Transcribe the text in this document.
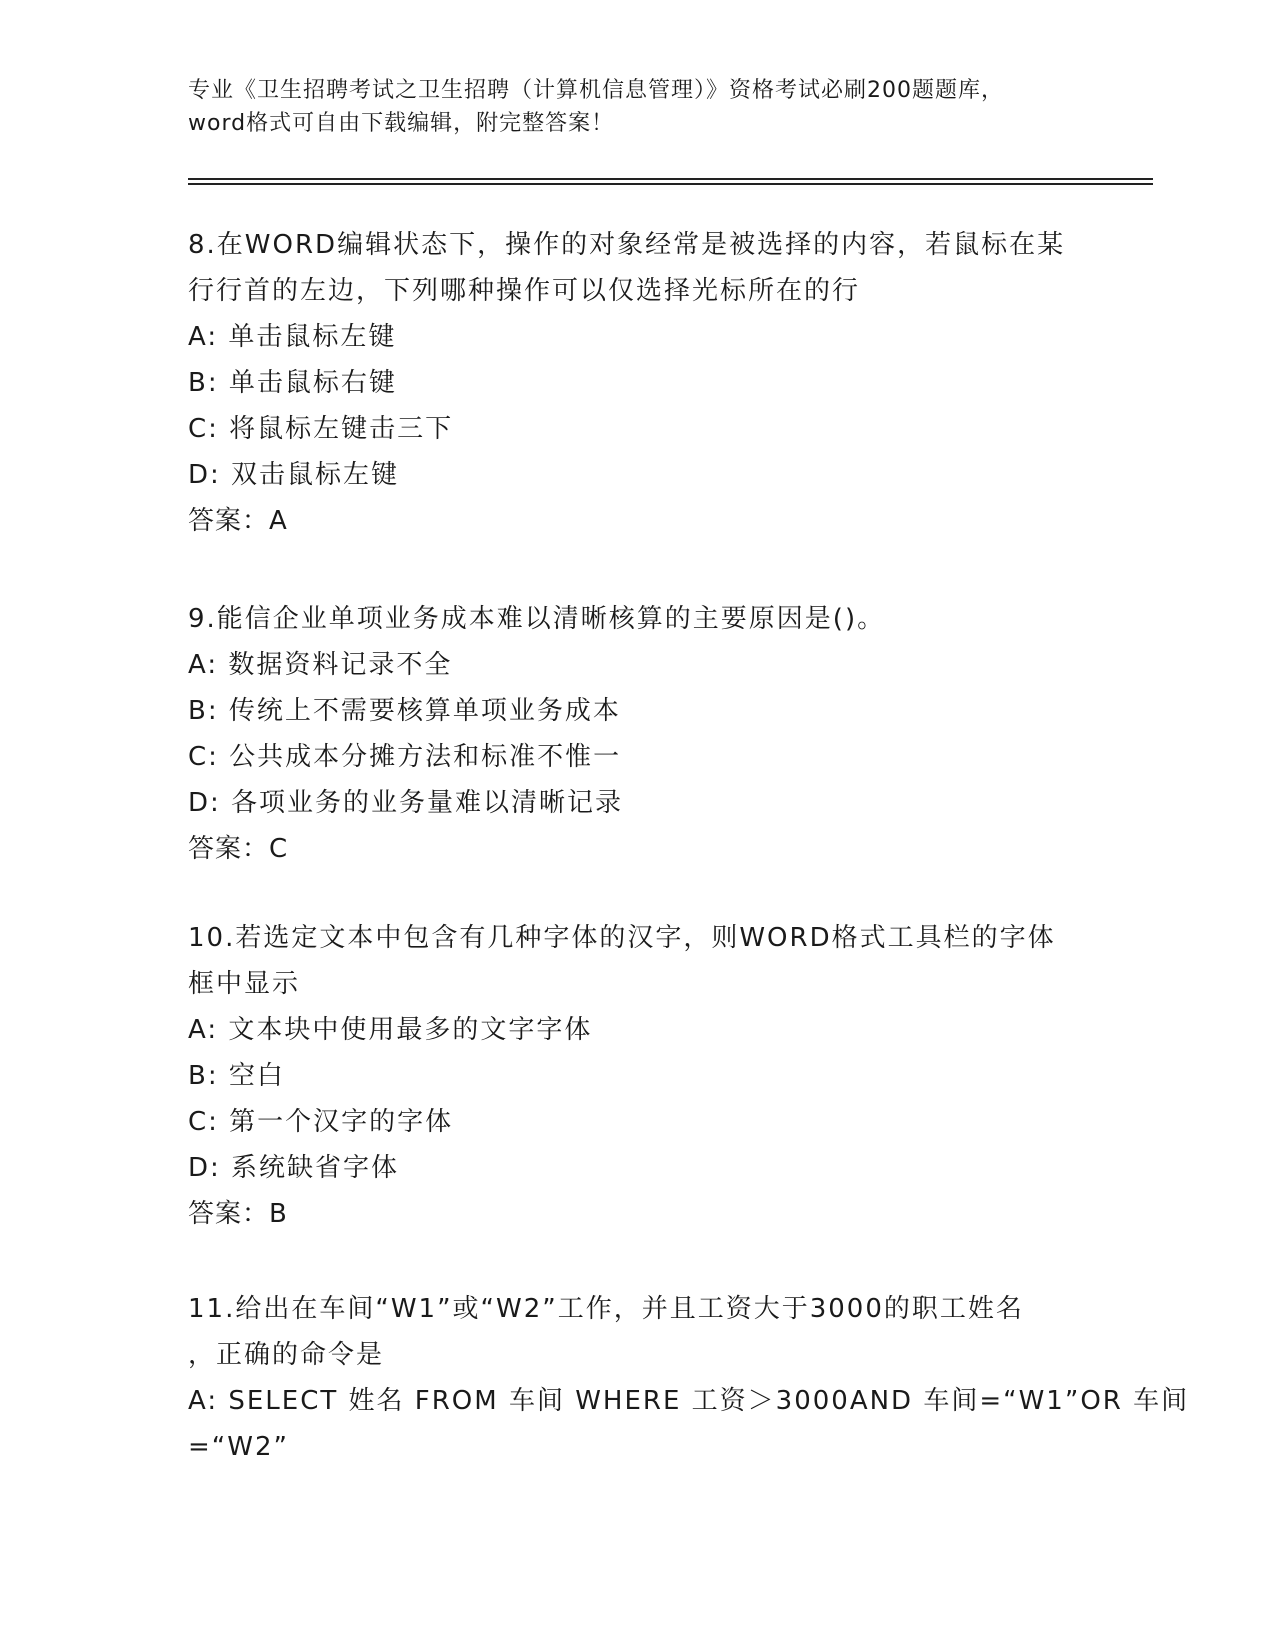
专业《卫生招聘考试之卫生招聘（计算机信息管理）》资格考试必刷200题题库，
word格式可自由下载编辑，附完整答案！
8.在WORD编辑状态下，操作的对象经常是被选择的内容，若鼠标在某
行行首的左边，下列哪种操作可以仅选择光标所在的行
A: 单击鼠标左键
B: 单击鼠标右键
C: 将鼠标左键击三下
D: 双击鼠标左键
答案：A
9.能信企业单项业务成本难以清晰核算的主要原因是()。
A: 数据资料记录不全
B: 传统上不需要核算单项业务成本
C: 公共成本分摊方法和标准不惟一
D: 各项业务的业务量难以清晰记录
答案：C
10.若选定文本中包含有几种字体的汉字，则WORD格式工具栏的字体
框中显示
A: 文本块中使用最多的文字字体
B: 空白
C: 第一个汉字的字体
D: 系统缺省字体
答案：B
11.给出在车间“W1”或“W2”工作，并且工资大于3000的职工姓名
，正确的命令是
A: SELECT 姓名 FROM 车间 WHERE 工资＞3000AND 车间=“W1”OR 车间
=“W2”
